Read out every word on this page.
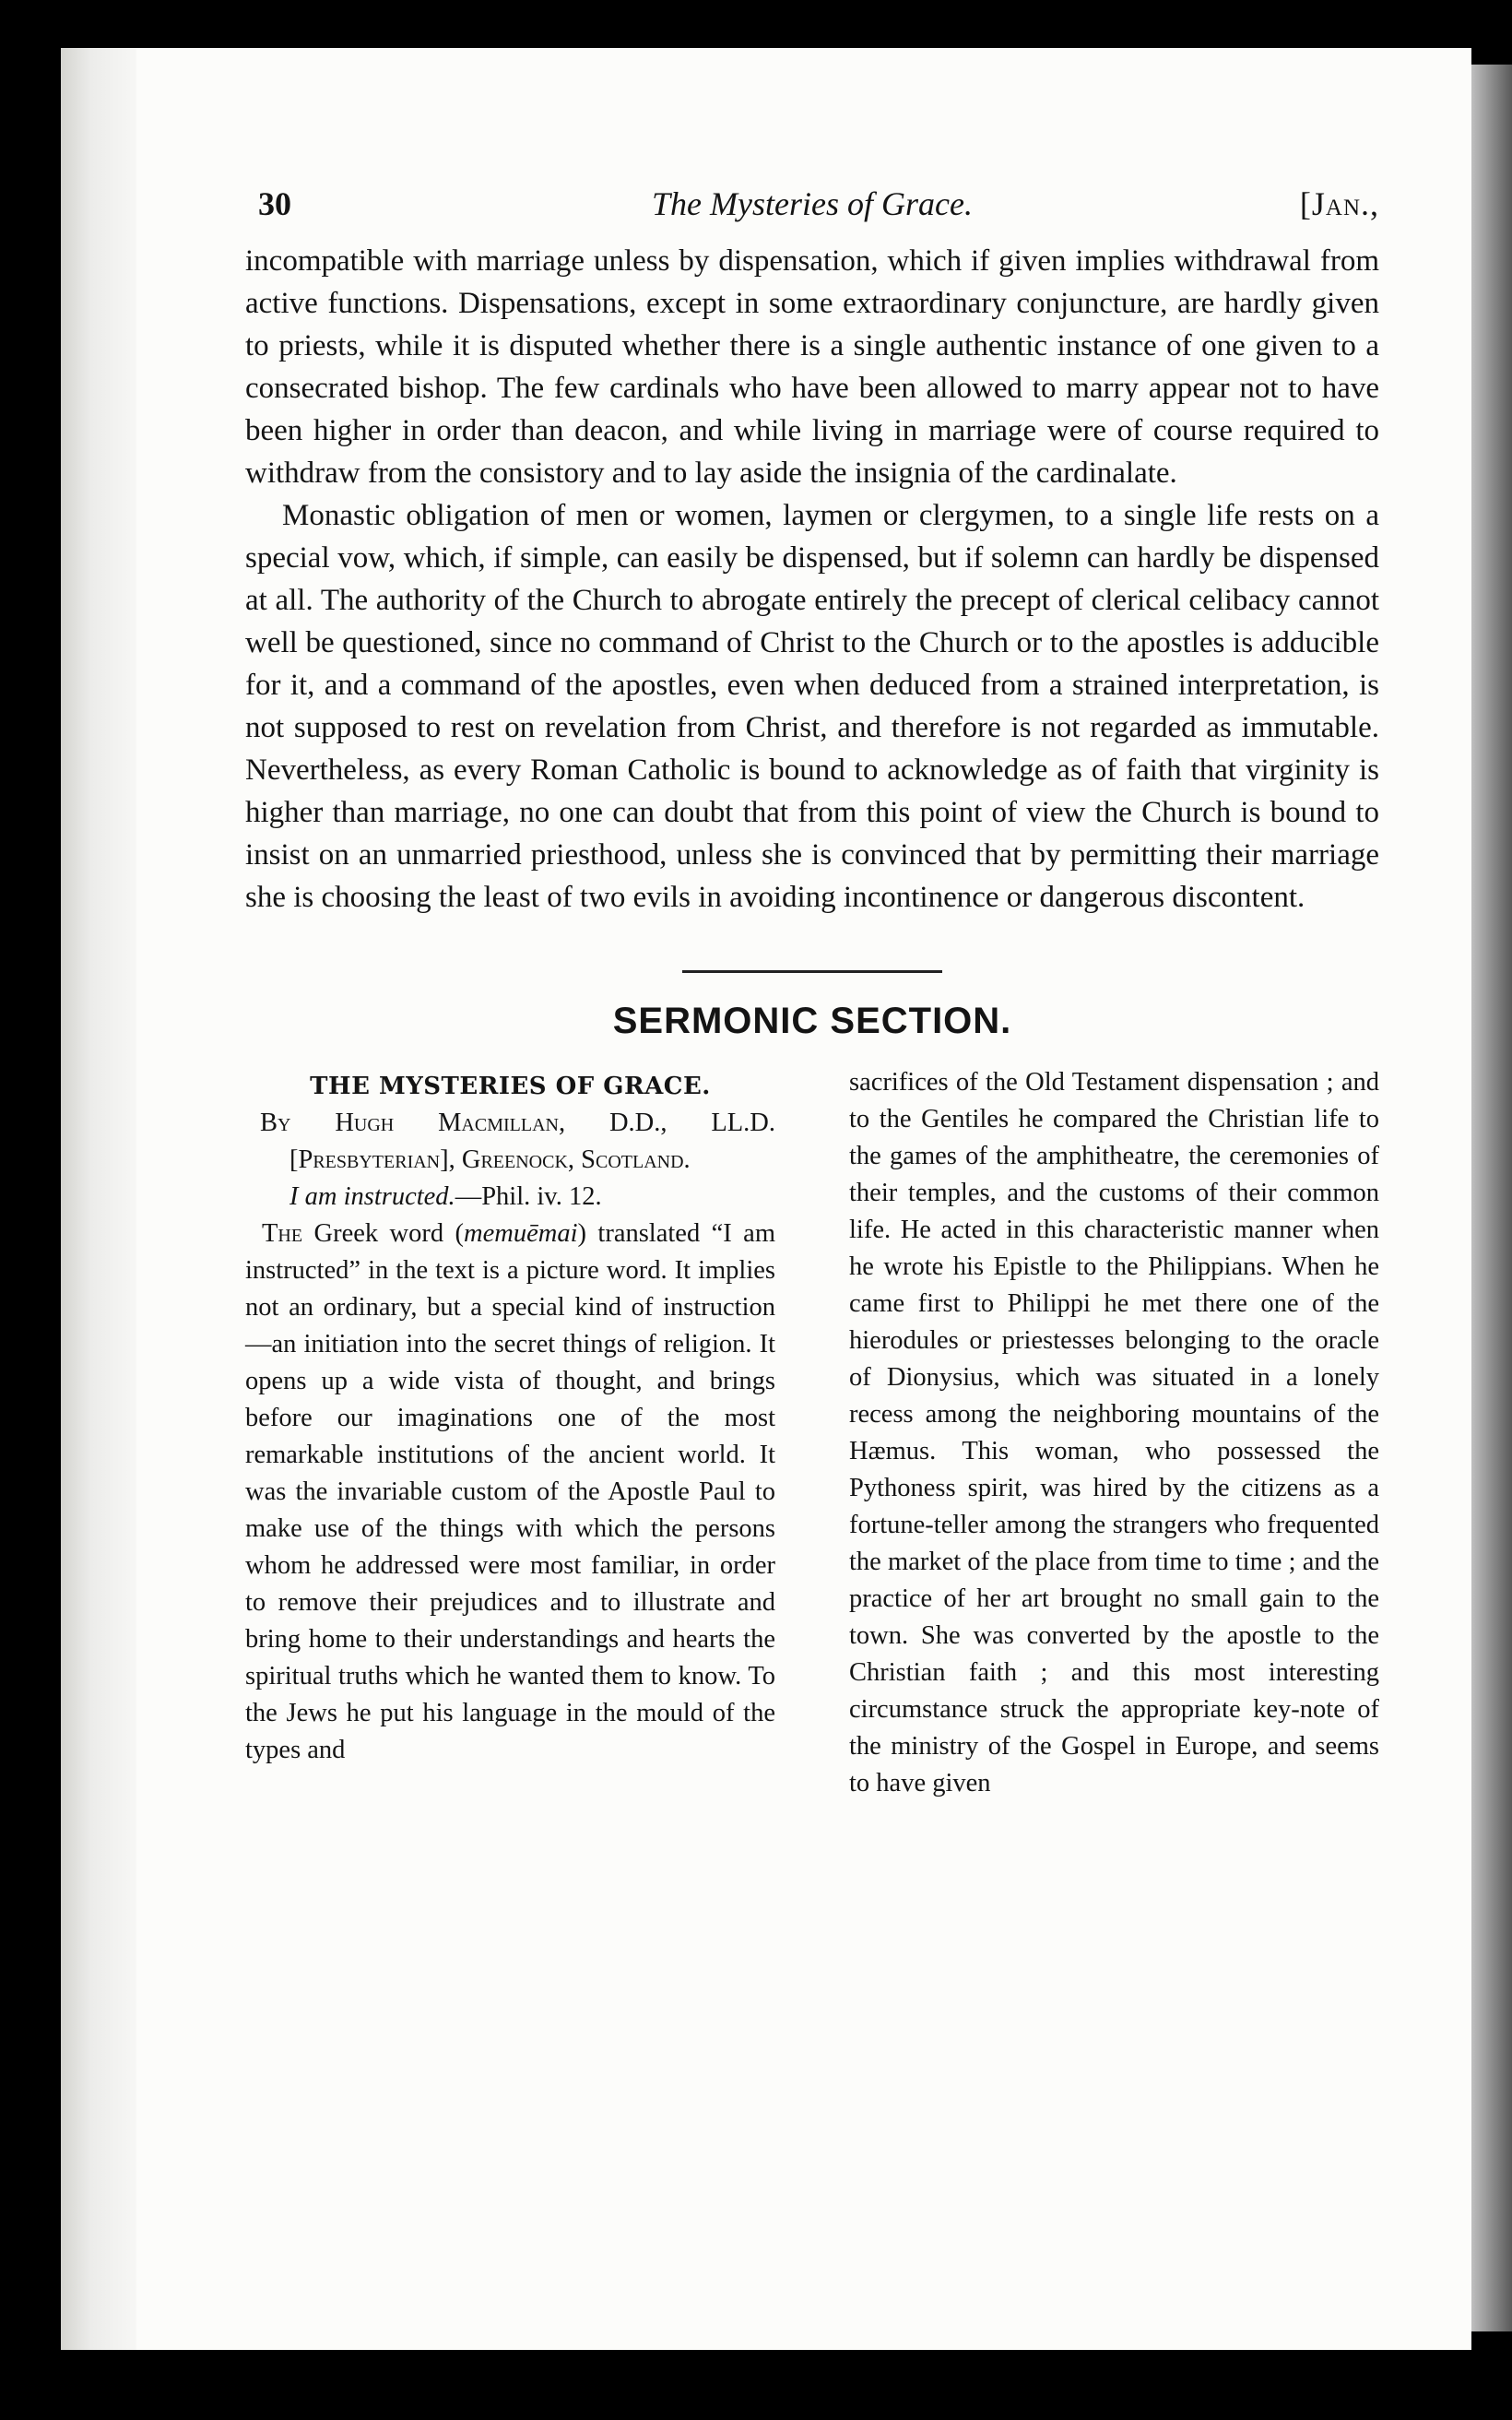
30	The Mysteries of Grace.	[Jan.,

incompatible with marriage unless by dispensation, which if given implies withdrawal from active functions. Dispensations, except in some extraordinary conjuncture, are hardly given to priests, while it is disputed whether there is a single authentic instance of one given to a consecrated bishop. The few cardinals who have been allowed to marry appear not to have been higher in order than deacon, and while living in marriage were of course required to withdraw from the consistory and to lay aside the insignia of the cardinalate.

Monastic obligation of men or women, laymen or clergymen, to a single life rests on a special vow, which, if simple, can easily be dispensed, but if solemn can hardly be dispensed at all. The authority of the Church to abrogate entirely the precept of clerical celibacy cannot well be questioned, since no command of Christ to the Church or to the apostles is adducible for it, and a command of the apostles, even when deduced from a strained interpretation, is not supposed to rest on revelation from Christ, and therefore is not regarded as immutable. Nevertheless, as every Roman Catholic is bound to acknowledge as of faith that virginity is higher than marriage, no one can doubt that from this point of view the Church is bound to insist on an unmarried priesthood, unless she is convinced that by permitting their marriage she is choosing the least of two evils in avoiding incontinence or dangerous discontent.

SERMONIC SECTION.
THE MYSTERIES OF GRACE.

By Hugh Macmillan, D.D., LL.D. [Presbyterian], Greenock, Scotland.

I am instructed.—Phil. iv. 12.

The Greek word (memuēmai) translated “I am instructed” in the text is a picture word. It implies not an ordinary, but a special kind of instruction—an initiation into the secret things of religion. It opens up a wide vista of thought, and brings before our imaginations one of the most remarkable institutions of the ancient world. It was the invariable custom of the Apostle Paul to make use of the things with which the persons whom he addressed were most familiar, in order to remove their prejudices and to illustrate and bring home to their understandings and hearts the spiritual truths which he wanted them to know. To the Jews he put his language in the mould of the types and

sacrifices of the Old Testament dispensation ; and to the Gentiles he compared the Christian life to the games of the amphitheatre, the ceremonies of their temples, and the customs of their common life. He acted in this characteristic manner when he wrote his Epistle to the Philippians. When he came first to Philippi he met there one of the hierodules or priestesses belonging to the oracle of Dionysius, which was situated in a lonely recess among the neighboring mountains of the Hæmus. This woman, who possessed the Pythoness spirit, was hired by the citizens as a fortune-teller among the strangers who frequented the market of the place from time to time ; and the practice of her art brought no small gain to the town. She was converted by the apostle to the Christian faith ; and this most interesting circumstance struck the appropriate key-note of the ministry of the Gospel in Europe, and seems to have given
